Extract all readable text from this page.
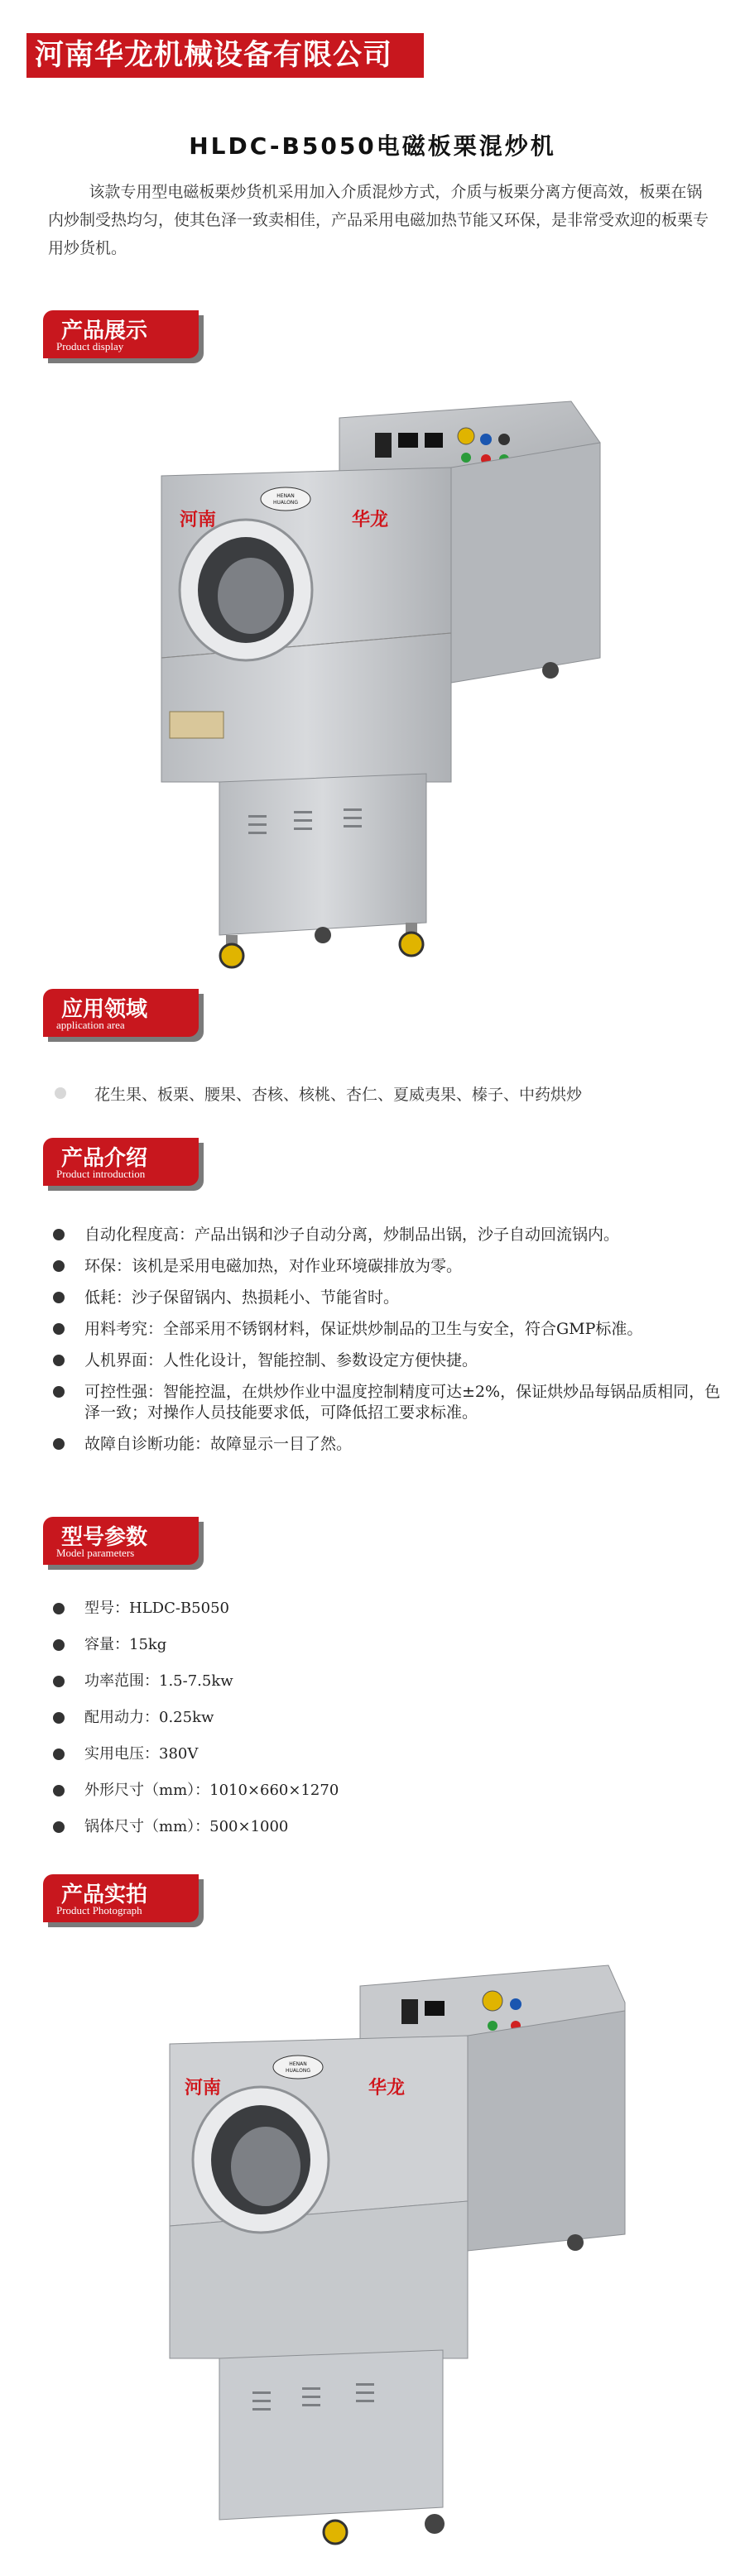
河南华龙机械设备有限公司
HLDC-B5050电磁板栗混炒机
该款专用型电磁板栗炒货机采用加入介质混炒方式，介质与板栗分离方便高效，板栗在锅内炒制受热均匀，使其色泽一致卖相佳，产品采用电磁加热节能又环保，是非常受欢迎的板栗专用炒货机。
产品展示
Product display
河南	华龙
HENAN
HUALONG
应用领域
application area
花生果、板栗、腰果、杏核、核桃、杏仁、夏威夷果、榛子、中药烘炒
产品介绍
Product introduction
自动化程度高：产品出锅和沙子自动分离，炒制品出锅，沙子自动回流锅内。
环保：该机是采用电磁加热，对作业环境碳排放为零。
低耗：沙子保留锅内、热损耗小、节能省时。
用料考究：全部采用不锈钢材料，保证烘炒制品的卫生与安全，符合GMP标准。
人机界面：人性化设计，智能控制、参数设定方便快捷。
可控性强：智能控温，在烘炒作业中温度控制精度可达±2%，保证烘炒品每锅品质相同，色泽一致；对操作人员技能要求低，可降低招工要求标准。
故障自诊断功能：故障显示一目了然。
型号参数
Model parameters
型号：HLDC-B5050
容量：15kg
功率范围：1.5-7.5kw
配用动力：0.25kw
实用电压：380V
外形尺寸（mm）：1010×660×1270
锅体尺寸（mm）：500×1000
产品实拍
Product Photograph
河南	华龙
HENAN
HUALONG
